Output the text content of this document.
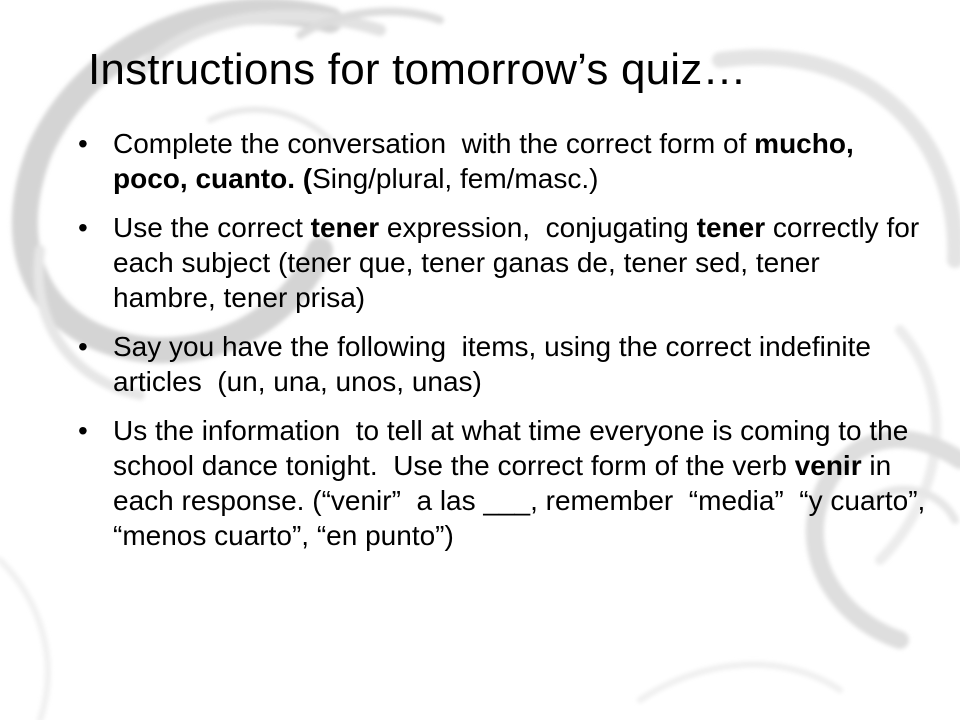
Instructions for tomorrow’s quiz…
• Complete the conversation  with the correct form of mucho, poco, cuanto. (Sing/plural, fem/masc.)
• Use the correct tener expression,  conjugating tener correctly for each subject (tener que, tener ganas de, tener sed, tener hambre, tener prisa)
• Say you have the following  items, using the correct indefinite  articles  (un, una, unos, unas)
• Us the information  to tell at what time everyone is coming to the school dance tonight.  Use the correct form of the verb venir in each response. (“venir”  a las ___, remember  “media”  “y cuarto”, “menos cuarto”, “en punto”)
